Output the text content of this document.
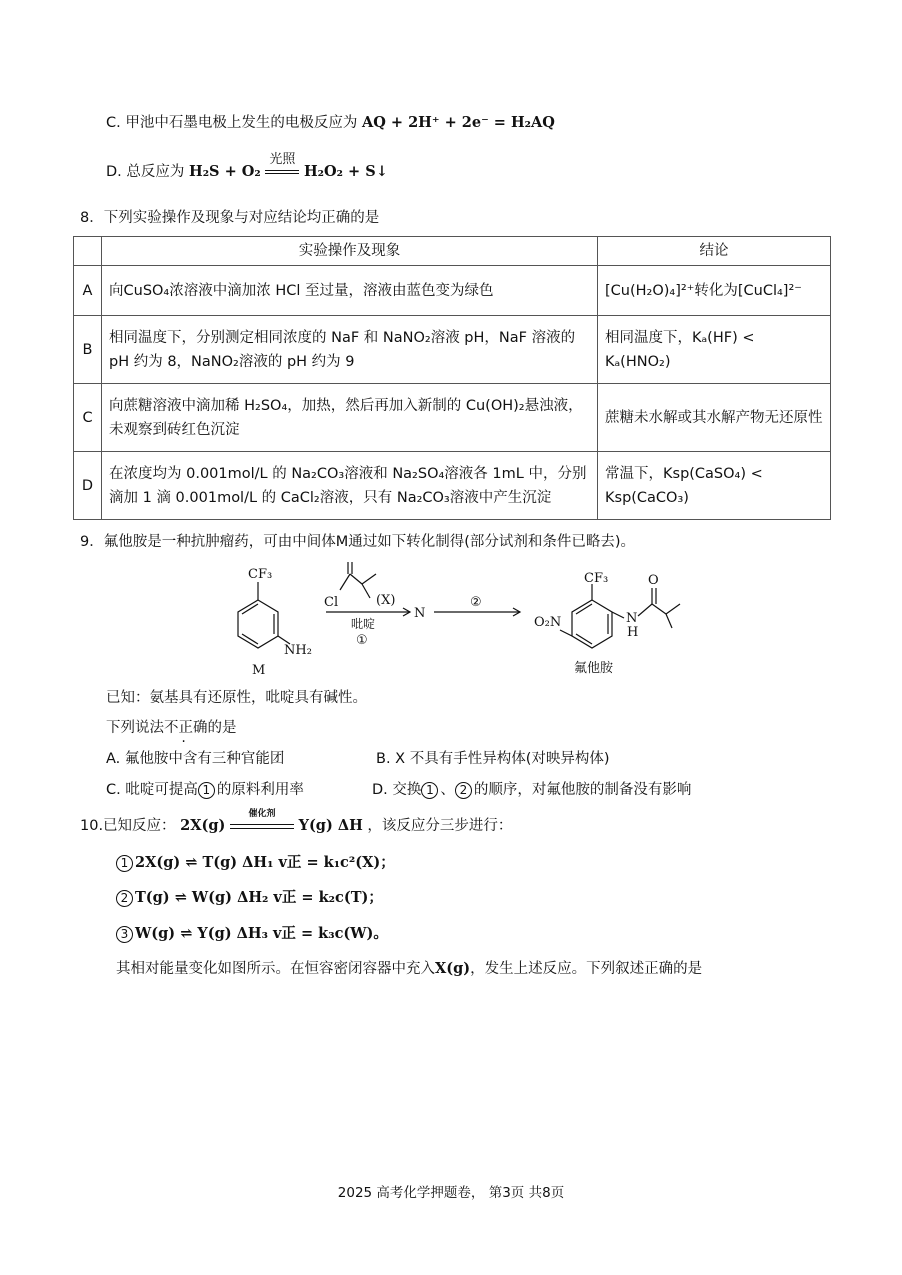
C. 甲池中石墨电极上发生的电极反应为 AQ + 2H⁺ + 2e⁻ = H₂AQ
D. 总反应为 H₂S + O₂
光照
H₂O₂ + S↓
8．下列实验操作及现象与对应结论均正确的是
	实验操作及现象	结论
A	向CuSO₄浓溶液中滴加浓 HCl 至过量，溶液由蓝色变为绿色	[Cu(H₂O)₄]²⁺转化为[CuCl₄]²⁻
B	相同温度下，分别测定相同浓度的 NaF 和 NaNO₂溶液 pH，NaF 溶液的 pH 约为 8，NaNO₂溶液的 pH 约为 9	相同温度下，Kₐ(HF) < Kₐ(HNO₂)
C	向蔗糖溶液中滴加稀 H₂SO₄，加热，然后再加入新制的 Cu(OH)₂悬浊液，未观察到砖红色沉淀	蔗糖未水解或其水解产物无还原性
D	在浓度均为 0.001mol/L 的 Na₂CO₃溶液和 Na₂SO₄溶液各 1mL 中，分别滴加 1 滴 0.001mol/L 的 CaCl₂溶液，只有 Na₂CO₃溶液中产生沉淀	常温下，Ksp(CaSO₄) < Ksp(CaCO₃)
9．氟他胺是一种抗肿瘤药，可由中间体M通过如下转化制得(部分试剂和条件已略去)。
CF₃
NH₂
M
Cl	(X)
吡啶
①
N
②
CF₃
O₂N	N
H
O
氟他胺
已知：氨基具有还原性，吡啶具有碱性。
下列说法不正确的是
A. 氟他胺中含有三种官能团	B. X 不具有手性异构体(对映异构体)
C. 吡啶可提高 1 的原料利用率	D. 交换 1 、 2 的顺序，对氟他胺的制备没有影响
10.已知反应： 2X(g)
催化剂
Y(g) ΔH ，该反应分三步进行：
1 2X(g) ⇌ T(g) ΔH₁ v正 = k₁c²(X)；
2 T(g) ⇌ W(g) ΔH₂ v正 = k₂c(T)；
3 W(g) ⇌ Y(g) ΔH₃ v正 = k₃c(W)。
其相对能量变化如图所示。在恒容密闭容器中充入X(g)，发生上述反应。下列叙述正确的是
2025 高考化学押题卷， 第3页 共8页
